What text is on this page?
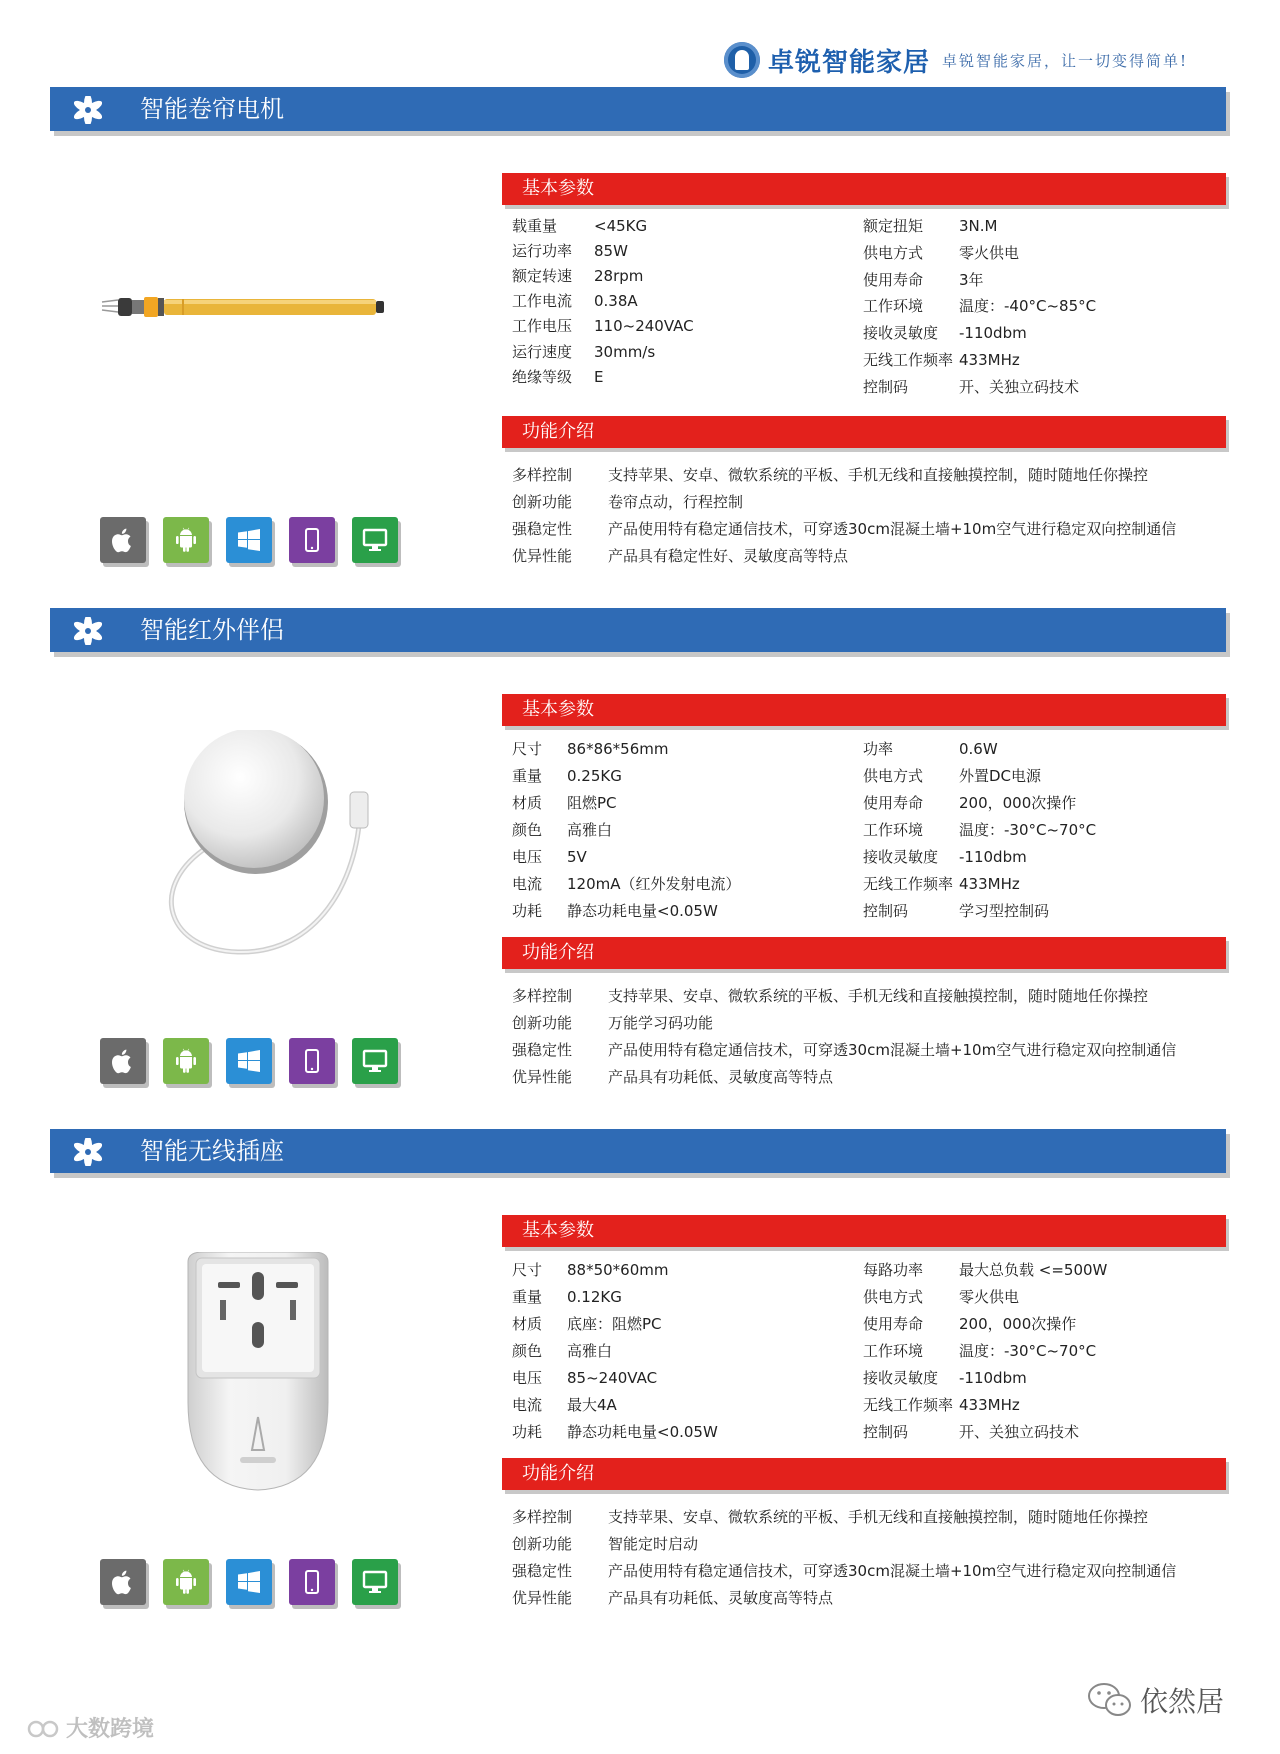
卓锐智能家居 卓锐智能家居，让一切变得简单!
智能卷帘电机
基本参数
载重量 <45KG
运行功率 85W
额定转速 28rpm
工作电流 0.38A
工作电压 110~240VAC
运行速度 30mm/s
绝缘等级 E
额定扭矩 3N.M
供电方式 零火供电
使用寿命 3年
工作环境 温度：-40°C~85°C
接收灵敏度 -110dbm
无线工作频率 433MHz
控制码	开、关独立码技术
功能介绍
多样控制 支持苹果、安卓、微软系统的平板、手机无线和直接触摸控制，随时随地任你操控
创新功能 卷帘点动，行程控制
强稳定性 产品使用特有稳定通信技术，可穿透30cm混凝土墙+10m空气进行稳定双向控制通信
优异性能 产品具有稳定性好、灵敏度高等特点
智能红外伴侣
基本参数
尺寸 86*86*56mm
重量 0.25KG
材质 阻燃PC
颜色 高雅白
电压 5V
电流 120mA（红外发射电流）
功耗 静态功耗电量<0.05W
功率	0.6W
供电方式 外置DC电源
使用寿命 200，000次操作
工作环境 温度：-30°C~70°C
接收灵敏度 -110dbm
无线工作频率 433MHz
控制码	学习型控制码
功能介绍
多样控制 支持苹果、安卓、微软系统的平板、手机无线和直接触摸控制，随时随地任你操控
创新功能 万能学习码功能
强稳定性 产品使用特有稳定通信技术，可穿透30cm混凝土墙+10m空气进行稳定双向控制通信
优异性能 产品具有功耗低、灵敏度高等特点
智能无线插座
基本参数
尺寸 88*50*60mm
重量 0.12KG
材质 底座：阻燃PC
颜色 高雅白
电压 85~240VAC
电流 最大4A
功耗 静态功耗电量<0.05W
每路功率 最大总负载 <=500W
供电方式 零火供电
使用寿命 200，000次操作
工作环境 温度：-30°C~70°C
接收灵敏度 -110dbm
无线工作频率 433MHz
控制码	开、关独立码技术
功能介绍
多样控制 支持苹果、安卓、微软系统的平板、手机无线和直接触摸控制，随时随地任你操控
创新功能 智能定时启动
强稳定性 产品使用特有稳定通信技术，可穿透30cm混凝土墙+10m空气进行稳定双向控制通信
优异性能 产品具有功耗低、灵敏度高等特点
大数跨境
依然居
